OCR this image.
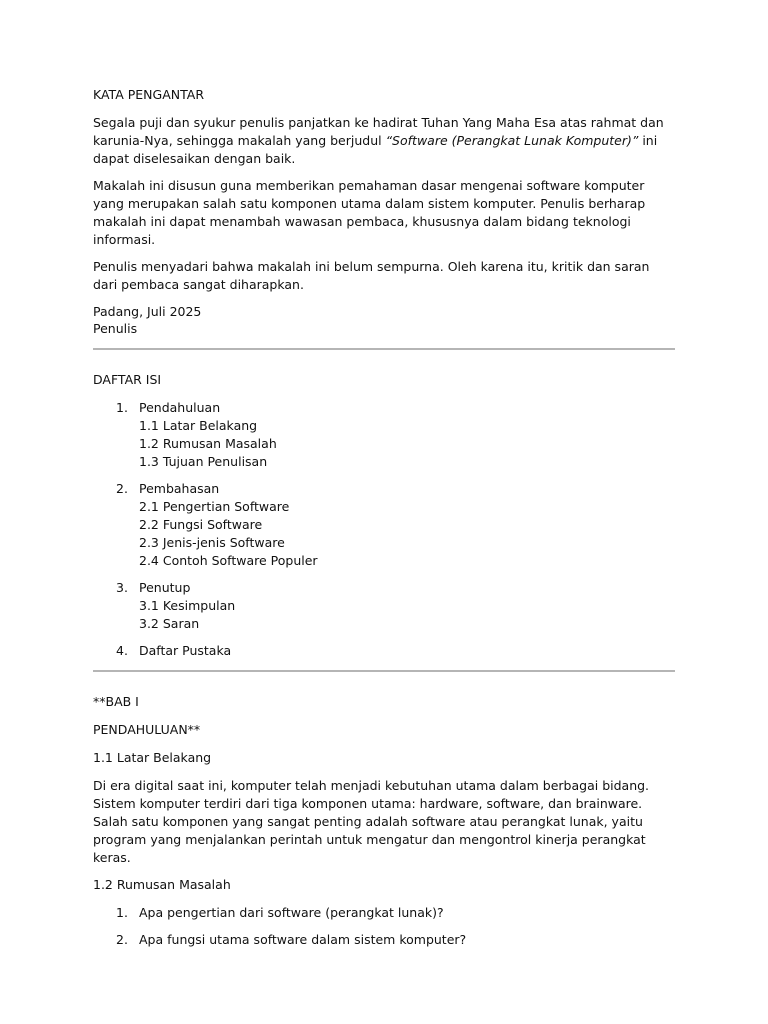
KATA PENGANTAR

Segala puji dan syukur penulis panjatkan ke hadirat Tuhan Yang Maha Esa atas rahmat dan karunia-Nya, sehingga makalah yang berjudul “Software (Perangkat Lunak Komputer)” ini dapat diselesaikan dengan baik.

Makalah ini disusun guna memberikan pemahaman dasar mengenai software komputer yang merupakan salah satu komponen utama dalam sistem komputer. Penulis berharap makalah ini dapat menambah wawasan pembaca, khususnya dalam bidang teknologi informasi.

Penulis menyadari bahwa makalah ini belum sempurna. Oleh karena itu, kritik dan saran dari pembaca sangat diharapkan.

Padang, Juli 2025

Penulis

DAFTAR ISI

1. Pendahuluan
1.1 Latar Belakang
1.2 Rumusan Masalah
1.3 Tujuan Penulisan
2. Pembahasan
2.1 Pengertian Software
2.2 Fungsi Software
2.3 Jenis-jenis Software
2.4 Contoh Software Populer
3. Penutup
3.1 Kesimpulan
3.2 Saran
4. Daftar Pustaka

**BAB I

PENDAHULUAN**

1.1 Latar Belakang

Di era digital saat ini, komputer telah menjadi kebutuhan utama dalam berbagai bidang. Sistem komputer terdiri dari tiga komponen utama: hardware, software, dan brainware. Salah satu komponen yang sangat penting adalah software atau perangkat lunak, yaitu program yang menjalankan perintah untuk mengatur dan mengontrol kinerja perangkat keras.

1.2 Rumusan Masalah

1. Apa pengertian dari software (perangkat lunak)?
2. Apa fungsi utama software dalam sistem komputer?
